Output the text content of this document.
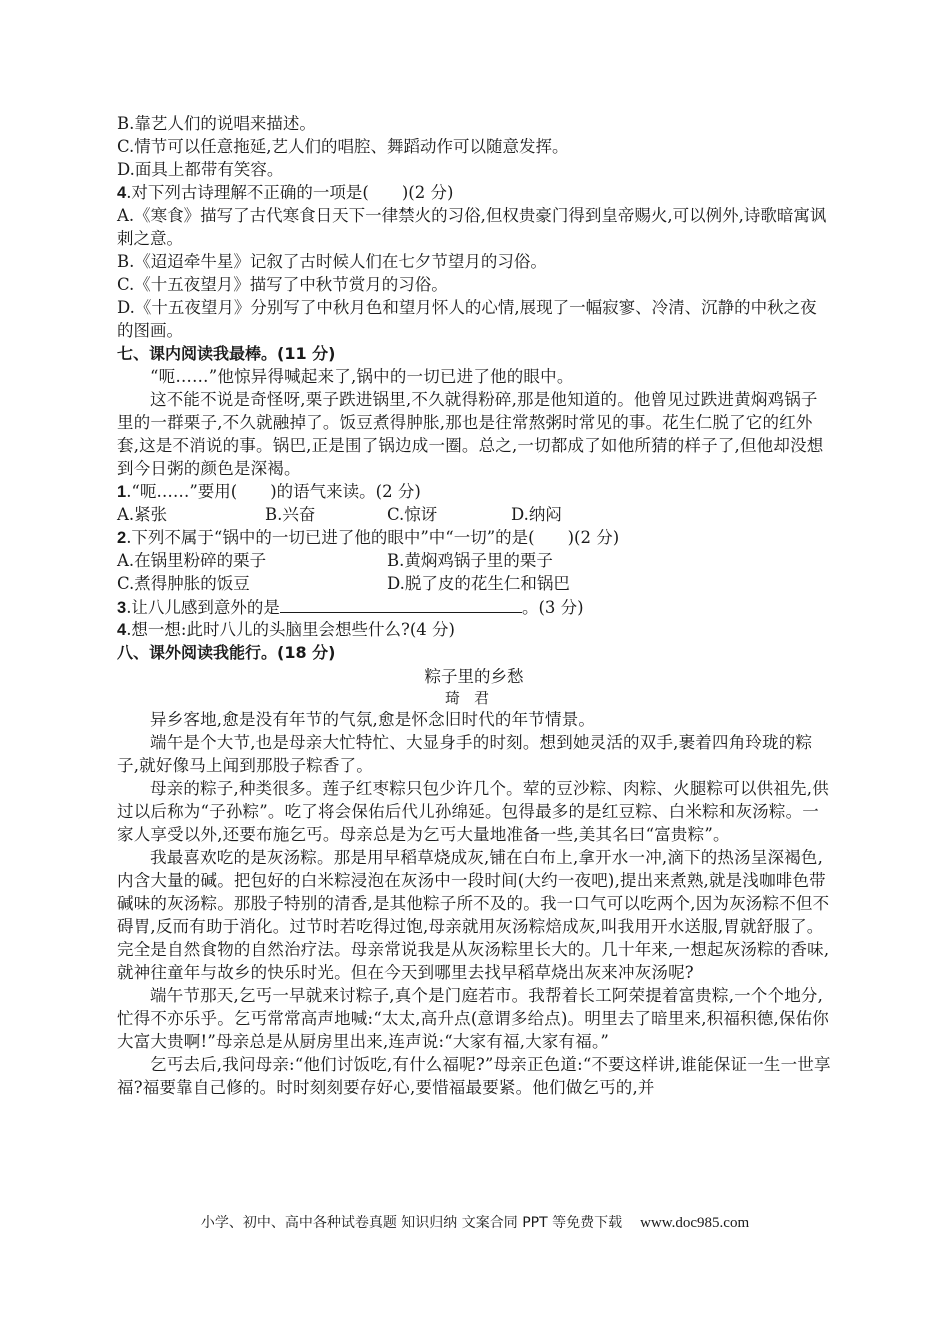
B.靠艺人们的说唱来描述。
C.情节可以任意拖延,艺人们的唱腔、舞蹈动作可以随意发挥。
D.面具上都带有笑容。
4.对下列古诗理解不正确的一项是(　　)(2 分)
A.《寒食》描写了古代寒食日天下一律禁火的习俗,但权贵豪门得到皇帝赐火,可以例外,诗歌暗寓讽刺之意。
B.《迢迢牵牛星》记叙了古时候人们在七夕节望月的习俗。
C.《十五夜望月》描写了中秋节赏月的习俗。
D.《十五夜望月》分别写了中秋月色和望月怀人的心情,展现了一幅寂寥、冷清、沉静的中秋之夜的图画。
七、课内阅读我最棒。(11 分)
“呃……”他惊异得喊起来了,锅中的一切已进了他的眼中。
这不能不说是奇怪呀,栗子跌进锅里,不久就得粉碎,那是他知道的。他曾见过跌进黄焖鸡锅子里的一群栗子,不久就融掉了。饭豆煮得肿胀,那也是往常熬粥时常见的事。花生仁脱了它的红外套,这是不消说的事。锅巴,正是围了锅边成一圈。总之,一切都成了如他所猜的样子了,但他却没想到今日粥的颜色是深褐。
1.“呃……”要用(　　)的语气来读。(2 分)
A.紧张	B.兴奋	C.惊讶	D.纳闷
2.下列不属于“锅中的一切已进了他的眼中”中“一切”的是(　　)(2 分)
A.在锅里粉碎的栗子	B.黄焖鸡锅子里的栗子
C.煮得肿胀的饭豆	D.脱了皮的花生仁和锅巴
3.让八儿感到意外的是	。(3 分)
4.想一想:此时八儿的头脑里会想些什么?(4 分)
八、课外阅读我能行。(18 分)
粽子里的乡愁
琦君
异乡客地,愈是没有年节的气氛,愈是怀念旧时代的年节情景。
端午是个大节,也是母亲大忙特忙、大显身手的时刻。想到她灵活的双手,裹着四角玲珑的粽子,就好像马上闻到那股子粽香了。
母亲的粽子,种类很多。莲子红枣粽只包少许几个。荤的豆沙粽、肉粽、火腿粽可以供祖先,供过以后称为“子孙粽”。吃了将会保佑后代儿孙绵延。包得最多的是红豆粽、白米粽和灰汤粽。一家人享受以外,还要布施乞丐。母亲总是为乞丐大量地准备一些,美其名曰“富贵粽”。
我最喜欢吃的是灰汤粽。那是用早稻草烧成灰,铺在白布上,拿开水一冲,滴下的热汤呈深褐色,内含大量的碱。把包好的白米粽浸泡在灰汤中一段时间(大约一夜吧),提出来煮熟,就是浅咖啡色带碱味的灰汤粽。那股子特别的清香,是其他粽子所不及的。我一口气可以吃两个,因为灰汤粽不但不碍胃,反而有助于消化。过节时若吃得过饱,母亲就用灰汤粽焙成灰,叫我用开水送服,胃就舒服了。完全是自然食物的自然治疗法。母亲常说我是从灰汤粽里长大的。几十年来,一想起灰汤粽的香味,就神往童年与故乡的快乐时光。但在今天到哪里去找早稻草烧出灰来冲灰汤呢?
端午节那天,乞丐一早就来讨粽子,真个是门庭若市。我帮着长工阿荣提着富贵粽,一个个地分,忙得不亦乐乎。乞丐常常高声地喊:“太太,高升点(意谓多给点)。明里去了暗里来,积福积德,保佑你大富大贵啊!”母亲总是从厨房里出来,连声说:“大家有福,大家有福。”
乞丐去后,我问母亲:“他们讨饭吃,有什么福呢?”母亲正色道:“不要这样讲,谁能保证一生一世享福?福要靠自己修的。时时刻刻要存好心,要惜福最要紧。他们做乞丐的,并
小学、初中、高中各种试卷真题 知识归纳 文案合同 PPT 等免费下载 www.doc985.com
